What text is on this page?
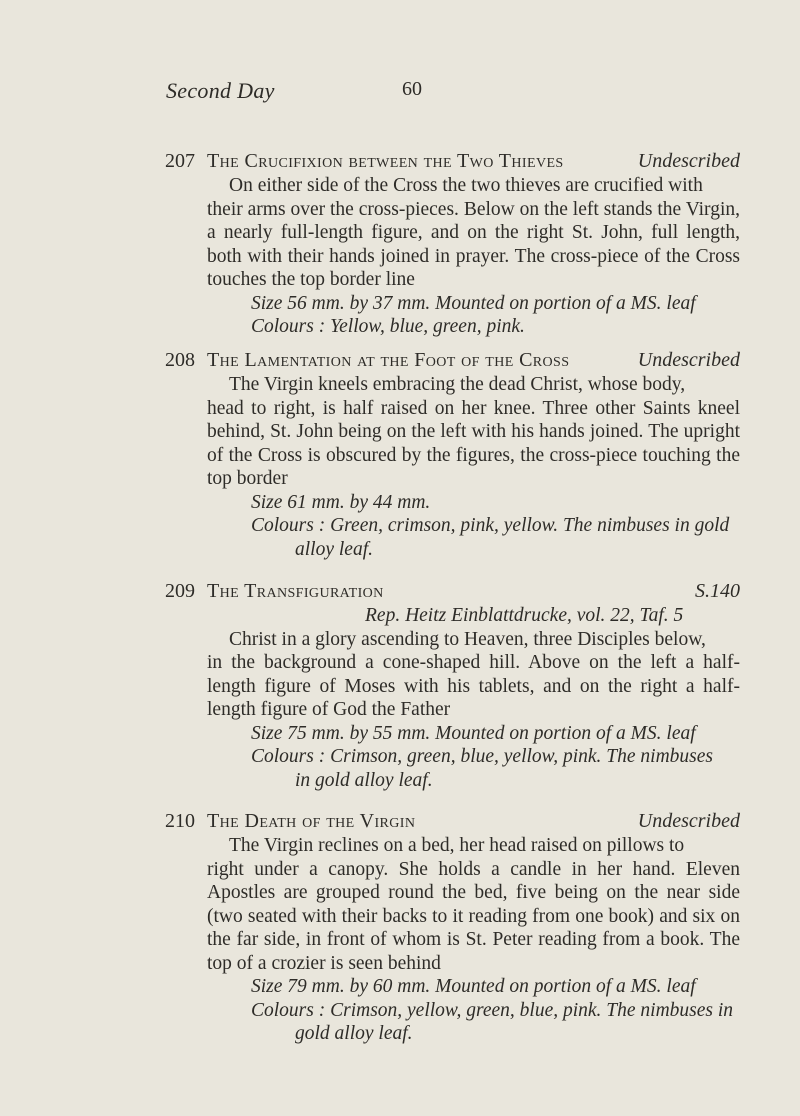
Second Day	60
207 The Crucifixion between the Two Thieves	Undescribed
On either side of the Cross the two thieves are crucified with
their arms over the cross-pieces. Below on the left stands the Virgin, a nearly full-length figure, and on the right St. John, full length, both with their hands joined in prayer. The cross-piece of the Cross touches the top border line
Size 56 mm. by 37 mm. Mounted on portion of a MS. leaf
Colours : Yellow, blue, green, pink.
208 The Lamentation at the Foot of the Cross	Undescribed
The Virgin kneels embracing the dead Christ, whose body,
head to right, is half raised on her knee. Three other Saints kneel behind, St. John being on the left with his hands joined. The upright of the Cross is obscured by the figures, the cross-piece touching the top border
Size 61 mm. by 44 mm.
Colours : Green, crimson, pink, yellow. The nimbuses in gold
alloy leaf.
209 The Transfiguration	S.140
Rep. Heitz Einblattdrucke, vol. 22, Taf. 5
Christ in a glory ascending to Heaven, three Disciples below,
in the background a cone-shaped hill. Above on the left a half-length figure of Moses with his tablets, and on the right a half-length figure of God the Father
Size 75 mm. by 55 mm. Mounted on portion of a MS. leaf
Colours : Crimson, green, blue, yellow, pink. The nimbuses
in gold alloy leaf.
210 The Death of the Virgin	Undescribed
The Virgin reclines on a bed, her head raised on pillows to
right under a canopy. She holds a candle in her hand. Eleven Apostles are grouped round the bed, five being on the near side (two seated with their backs to it reading from one book) and six on the far side, in front of whom is St. Peter reading from a book. The top of a crozier is seen behind
Size 79 mm. by 60 mm. Mounted on portion of a MS. leaf
Colours : Crimson, yellow, green, blue, pink. The nimbuses in
gold alloy leaf.
